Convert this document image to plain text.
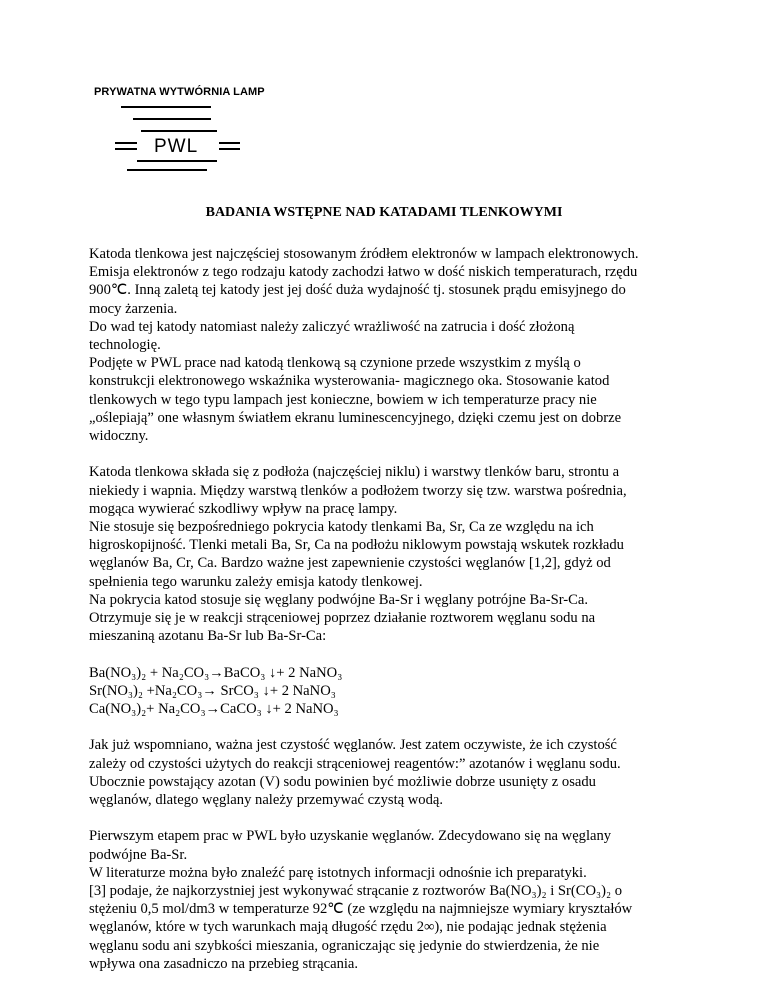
PRYWATNA WYTWÓRNIA LAMP
PWL
BADANIA WSTĘPNE NAD KATADAMI TLENKOWYMI

Katoda tlenkowa jest najczęściej stosowanym źródłem elektronów w lampach elektronowych.
Emisja elektronów z tego rodzaju katody zachodzi łatwo w dość niskich temperaturach, rzędu
900℃. Inną zaletą tej katody jest jej dość duża wydajność tj. stosunek prądu emisyjnego do
mocy żarzenia.
Do wad tej katody natomiast należy zaliczyć wrażliwość na zatrucia i dość złożoną
technologię.
Podjęte w PWL prace nad katodą tlenkową są czynione przede wszystkim z myślą o
konstrukcji elektronowego wskaźnika wysterowania- magicznego oka. Stosowanie katod
tlenkowych w tego typu lampach jest konieczne, bowiem w ich temperaturze pracy nie
„oślepiają” one własnym światłem ekranu luminescencyjnego, dzięki czemu jest on dobrze
widoczny.

Katoda tlenkowa składa się z podłoża (najczęściej niklu) i warstwy tlenków baru, strontu a
niekiedy i wapnia. Między warstwą tlenków a podłożem tworzy się tzw. warstwa pośrednia,
mogąca wywierać szkodliwy wpływ na pracę lampy.
Nie stosuje się bezpośredniego pokrycia katody tlenkami Ba, Sr, Ca ze względu na ich
higroskopijność. Tlenki metali Ba, Sr, Ca na podłożu niklowym powstają wskutek rozkładu
węglanów Ba, Cr, Ca. Bardzo ważne jest zapewnienie czystości węglanów [1,2], gdyż od
spełnienia tego warunku zależy emisja katody tlenkowej.
Na pokrycia katod stosuje się węglany podwójne Ba-Sr i węglany potrójne Ba-Sr-Ca.
Otrzymuje się je w reakcji strąceniowej poprzez działanie roztworem węglanu sodu na
mieszaniną azotanu Ba-Sr lub Ba-Sr-Ca:

Ba(NO₃)₂ + Na₂CO₃→BaCO₃ ↓+ 2 NaNO₃
Sr(NO₃)₂ +Na₂CO₃→ SrCO₃ ↓+ 2 NaNO₃
Ca(NO₃)₂+ Na₂CO₃→CaCO₃ ↓+ 2 NaNO₃

Jak już wspomniano, ważna jest czystość węglanów. Jest zatem oczywiste, że ich czystość
zależy od czystości użytych do reakcji strąceniowej reagentów:” azotanów i węglanu sodu.
Ubocznie powstający azotan (V) sodu powinien być możliwie dobrze usunięty z osadu
węglanów, dlatego węglany należy przemywać czystą wodą.

Pierwszym etapem prac w PWL było uzyskanie węglanów. Zdecydowano się na węglany
podwójne Ba-Sr.
W literaturze można było znaleźć parę istotnych informacji odnośnie ich preparatyki.
[3] podaje, że najkorzystniej jest wykonywać strącanie z roztworów Ba(NO₃)₂ i Sr(CO₃)₂ o
stężeniu 0,5 mol/dm3 w temperaturze 92℃ (ze względu na najmniejsze wymiary kryształów
węglanów, które w tych warunkach mają długość rzędu 2∞), nie podając jednak stężenia
węglanu sodu ani szybkości mieszania, ograniczając się jedynie do stwierdzenia, że nie
wpływa ona zasadniczo na przebieg strącania.
